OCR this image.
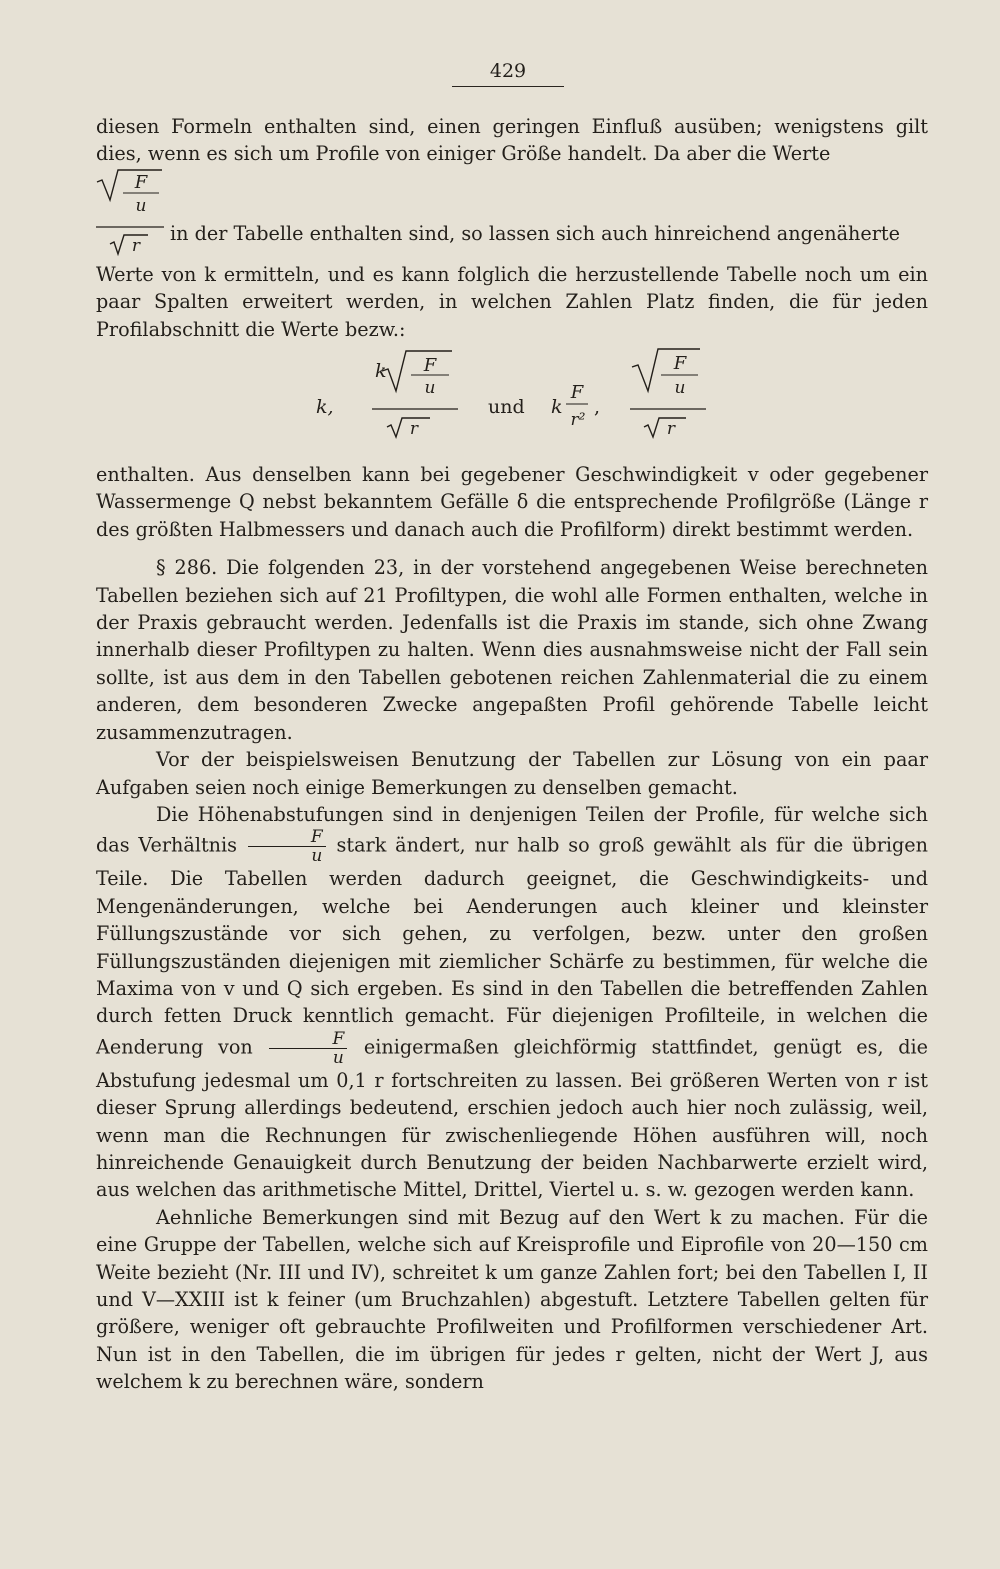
429

diesen Formeln enthalten sind, einen geringen Einfluß ausüben; wenigstens gilt dies, wenn es sich um Profile von einiger Größe handelt. Da aber die Werte

F
u
r
in der Tabelle enthalten sind, so lassen sich auch hinreichend angenäherte

Werte von k ermitteln, und es kann folglich die herzustellende Tabelle noch um ein paar Spalten erweitert werden, in welchen Zahlen Platz finden, die für jeden Profilabschnitt die Werte bezw.:

k,
k F
u
r
und k
F
r²
,
F
u
r

enthalten. Aus denselben kann bei gegebener Geschwindigkeit v oder gegebener Wassermenge Q nebst bekanntem Gefälle δ die entsprechende Profilgröße (Länge r des größten Halbmessers und danach auch die Profilform) direkt bestimmt werden.

§ 286. Die folgenden 23, in der vorstehend angegebenen Weise berechneten Tabellen beziehen sich auf 21 Profiltypen, die wohl alle Formen enthalten, welche in der Praxis gebraucht werden. Jedenfalls ist die Praxis im stande, sich ohne Zwang innerhalb dieser Profiltypen zu halten. Wenn dies ausnahmsweise nicht der Fall sein sollte, ist aus dem in den Tabellen gebotenen reichen Zahlenmaterial die zu einem anderen, dem besonderen Zwecke angepaßten Profil gehörende Tabelle leicht zusammenzutragen.

Vor der beispielsweisen Benutzung der Tabellen zur Lösung von ein paar Aufgaben seien noch einige Bemerkungen zu denselben gemacht.

Die Höhenabstufungen sind in denjenigen Teilen der Profile, für welche sich das Verhältnis $\frac{F}{u}$ stark ändert, nur halb so groß gewählt als für die übrigen Teile. Die Tabellen werden dadurch geeignet, die Geschwindigkeits- und Mengenänderungen, welche bei Aenderungen auch kleiner und kleinster Füllungszustände vor sich gehen, zu verfolgen, bezw. unter den großen Füllungszuständen diejenigen mit ziemlicher Schärfe zu bestimmen, für welche die Maxima von v und Q sich ergeben. Es sind in den Tabellen die betreffenden Zahlen durch fetten Druck kenntlich gemacht. Für diejenigen Profilteile, in welchen die Aenderung von $\frac{F}{u}$ einigermaßen gleichförmig stattfindet, genügt es, die Abstufung jedesmal um 0,1 r fortschreiten zu lassen. Bei größeren Werten von r ist dieser Sprung allerdings bedeutend, erschien jedoch auch hier noch zulässig, weil, wenn man die Rechnungen für zwischenliegende Höhen ausführen will, noch hinreichende Genauigkeit durch Benutzung der beiden Nachbarwerte erzielt wird, aus welchen das arithmetische Mittel, Drittel, Viertel u. s. w. gezogen werden kann.

Aehnliche Bemerkungen sind mit Bezug auf den Wert k zu machen. Für die eine Gruppe der Tabellen, welche sich auf Kreisprofile und Eiprofile von 20—150 cm Weite bezieht (Nr. III und IV), schreitet k um ganze Zahlen fort; bei den Tabellen I, II und V—XXIII ist k feiner (um Bruchzahlen) abgestuft. Letztere Tabellen gelten für größere, weniger oft gebrauchte Profilweiten und Profilformen verschiedener Art. Nun ist in den Tabellen, die im übrigen für jedes r gelten, nicht der Wert J, aus welchem k zu berechnen wäre, sondern
